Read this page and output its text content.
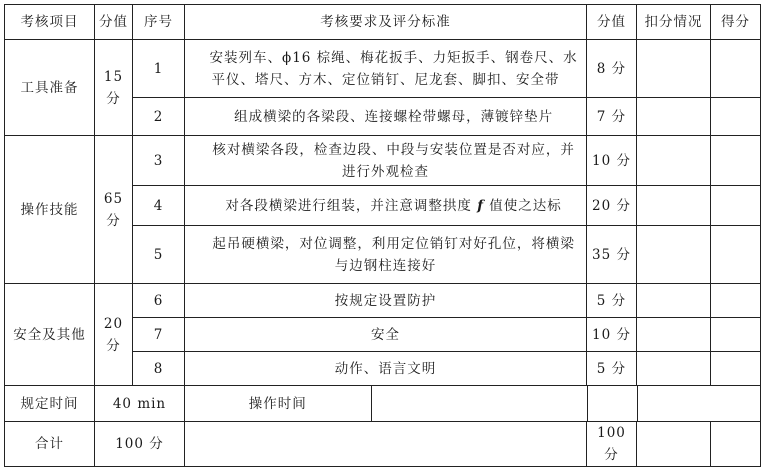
考核项目	分值	序号	考核要求及评分标准	分值	扣分情况	得分
工具准备	15 分	1	安装列车、ϕ16 棕绳、梅花扳手、力矩扳手、钢卷尺、水平仪、塔尺、方木、定位销钉、尼龙套、脚扣、安全带	8 分		
2	组成横梁的各梁段、连接螺栓带螺母，薄镀锌垫片	7 分		
操作技能	65 分	3	核对横梁各段，检查边段、中段与安装位置是否对应，并进行外观检查	10 分		
4	对各段横梁进行组装，并注意调整拱度 f 值使之达标	20 分		
5	起吊硬横梁，对位调整，利用定位销钉对好孔位，将横梁与边钢柱连接好	35 分		
安全及其他	20 分	6	按规定设置防护	5 分		
7	安全	10 分		
8	动作、语言文明	5 分		
规定时间	40 min		操作时间			

合计	100 分		100 分		
